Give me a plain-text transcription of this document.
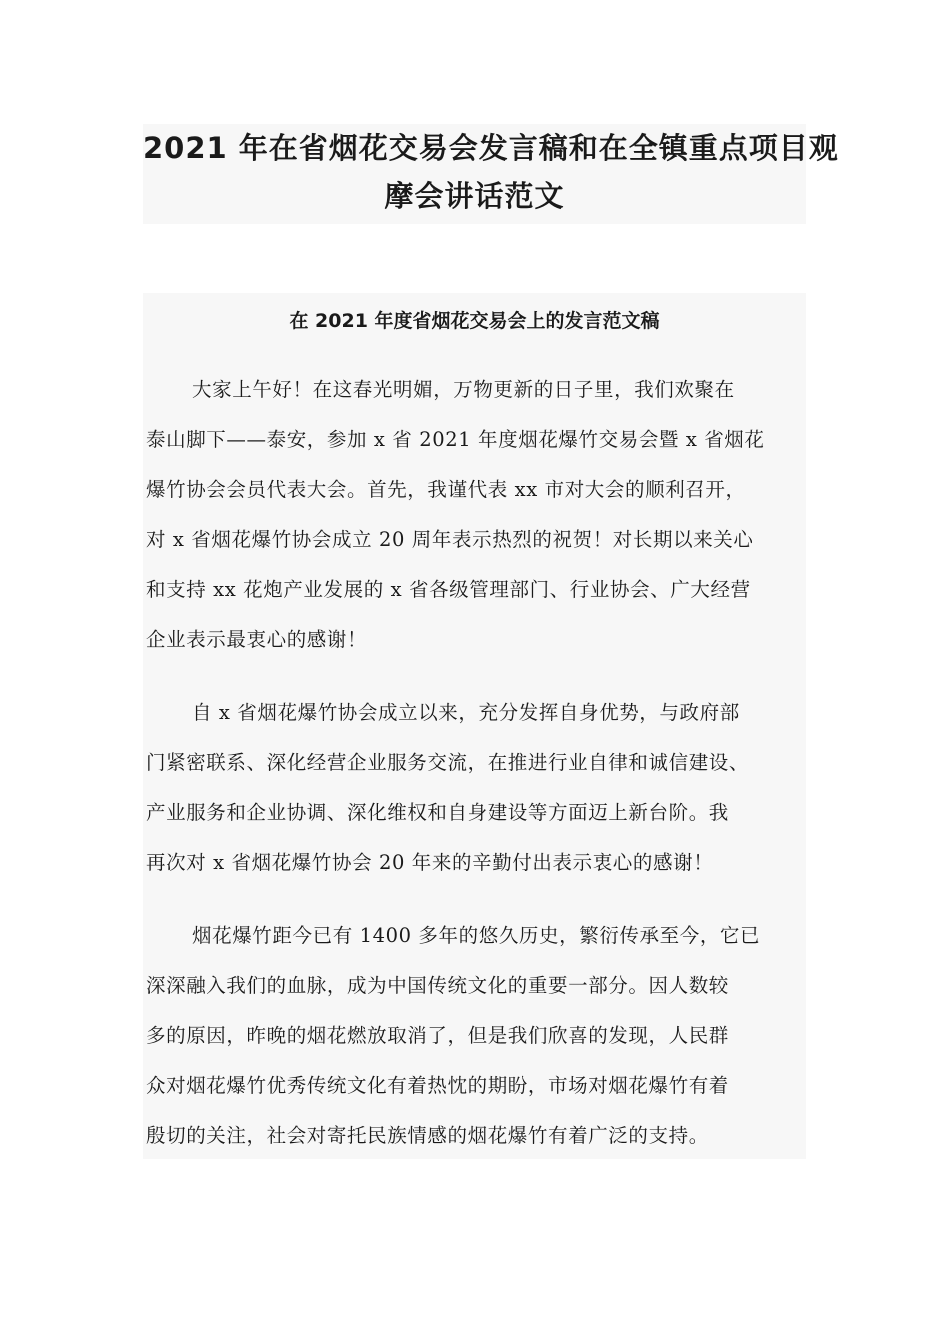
2021 年在省烟花交易会发言稿和在全镇重点项目观
摩会讲话范文
在 2021 年度省烟花交易会上的发言范文稿
大家上午好！在这春光明媚，万物更新的日子里，我们欢聚在
泰山脚下——泰安，参加 x 省 2021 年度烟花爆竹交易会暨 x 省烟花
爆竹协会会员代表大会。首先，我谨代表 xx 市对大会的顺利召开，
对 x 省烟花爆竹协会成立 20 周年表示热烈的祝贺！对长期以来关心
和支持 xx 花炮产业发展的 x 省各级管理部门、行业协会、广大经营
企业表示最衷心的感谢！
自 x 省烟花爆竹协会成立以来，充分发挥自身优势，与政府部
门紧密联系、深化经营企业服务交流，在推进行业自律和诚信建设、
产业服务和企业协调、深化维权和自身建设等方面迈上新台阶。我
再次对 x 省烟花爆竹协会 20 年来的辛勤付出表示衷心的感谢！
烟花爆竹距今已有 1400 多年的悠久历史，繁衍传承至今，它已
深深融入我们的血脉，成为中国传统文化的重要一部分。因人数较
多的原因，昨晚的烟花燃放取消了，但是我们欣喜的发现，人民群
众对烟花爆竹优秀传统文化有着热忱的期盼，市场对烟花爆竹有着
殷切的关注，社会对寄托民族情感的烟花爆竹有着广泛的支持。
